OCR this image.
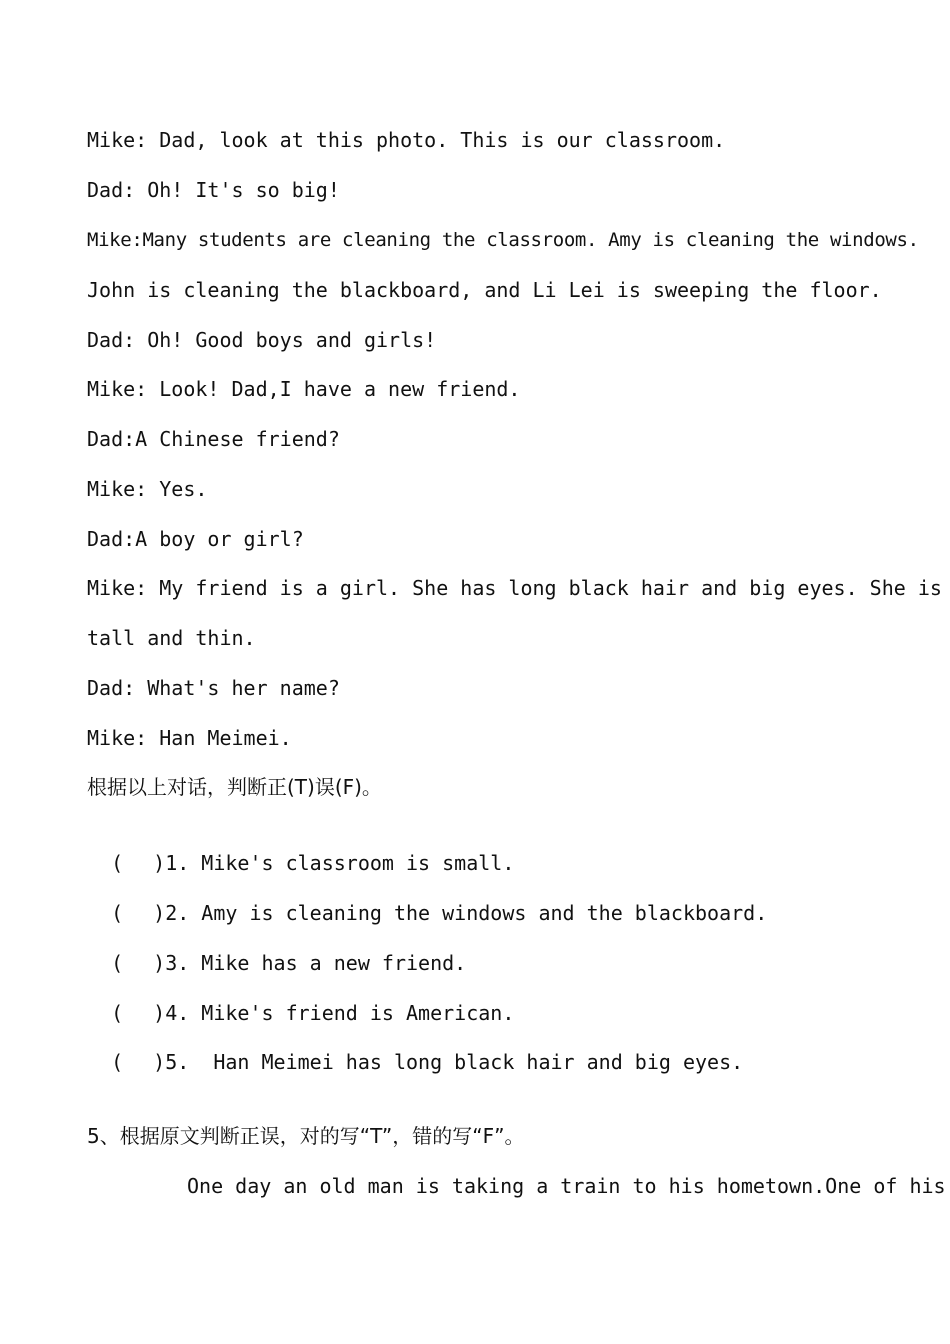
Mike: Dad, look at this photo. This is our classroom.
Dad: Oh! It's so big!
Mike:Many students are cleaning the classroom. Amy is cleaning the windows.
John is cleaning the blackboard, and Li Lei is sweeping the floor.
Dad: Oh! Good boys and girls!
Mike: Look! Dad,I have a new friend.
Dad:A Chinese friend?
Mike: Yes.
Dad:A boy or girl?
Mike: My friend is a girl. She has long black hair and big eyes. She is
tall and thin.
Dad: What's her name?
Mike: Han Meimei.
根据以上对话，判断正(T)误(F)。

( )1. Mike's classroom is small.

( )2. Amy is cleaning the windows and the blackboard.

( )3. Mike has a new friend.

( )4. Mike's friend is American.

( )5.  Han Meimei has long black hair and big eyes.

5、根据原文判断正误，对的写“T”，错的写“F”。
One day an old man is taking a train to his hometown.One of his
